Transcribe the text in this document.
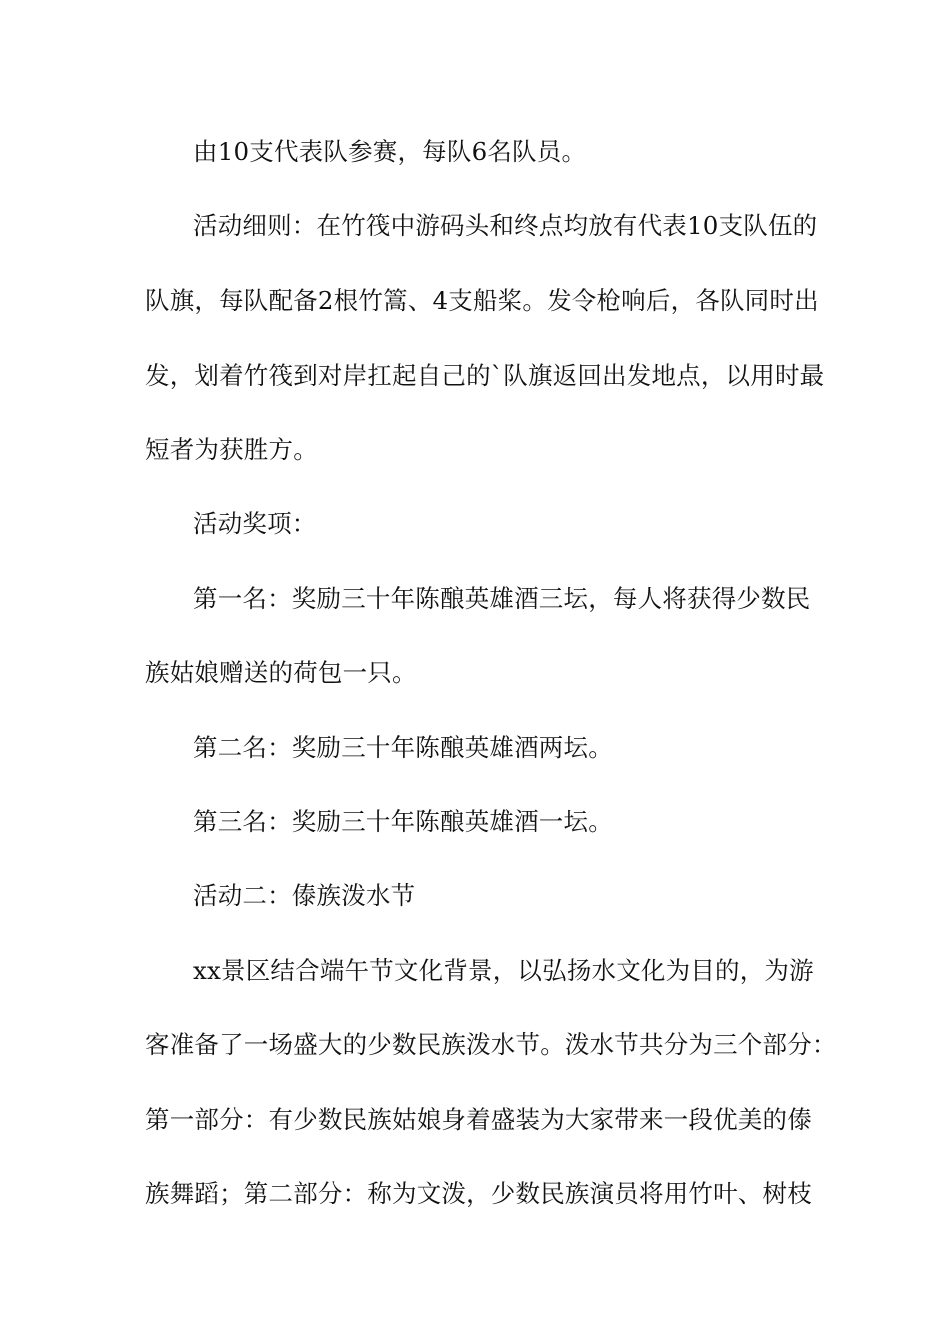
由10支代表队参赛，每队6名队员。
活动细则：在竹筏中游码头和终点均放有代表10支队伍的
队旗，每队配备2根竹篙、4支船桨。发令枪响后，各队同时出
发，划着竹筏到对岸扛起自己的`队旗返回出发地点，以用时最
短者为获胜方。
活动奖项：
第一名：奖励三十年陈酿英雄酒三坛，每人将获得少数民
族姑娘赠送的荷包一只。
第二名：奖励三十年陈酿英雄酒两坛。
第三名：奖励三十年陈酿英雄酒一坛。
活动二：傣族泼水节
xx景区结合端午节文化背景，以弘扬水文化为目的，为游
客准备了一场盛大的少数民族泼水节。泼水节共分为三个部分：
第一部分：有少数民族姑娘身着盛装为大家带来一段优美的傣
族舞蹈；第二部分：称为文泼，少数民族演员将用竹叶、树枝
